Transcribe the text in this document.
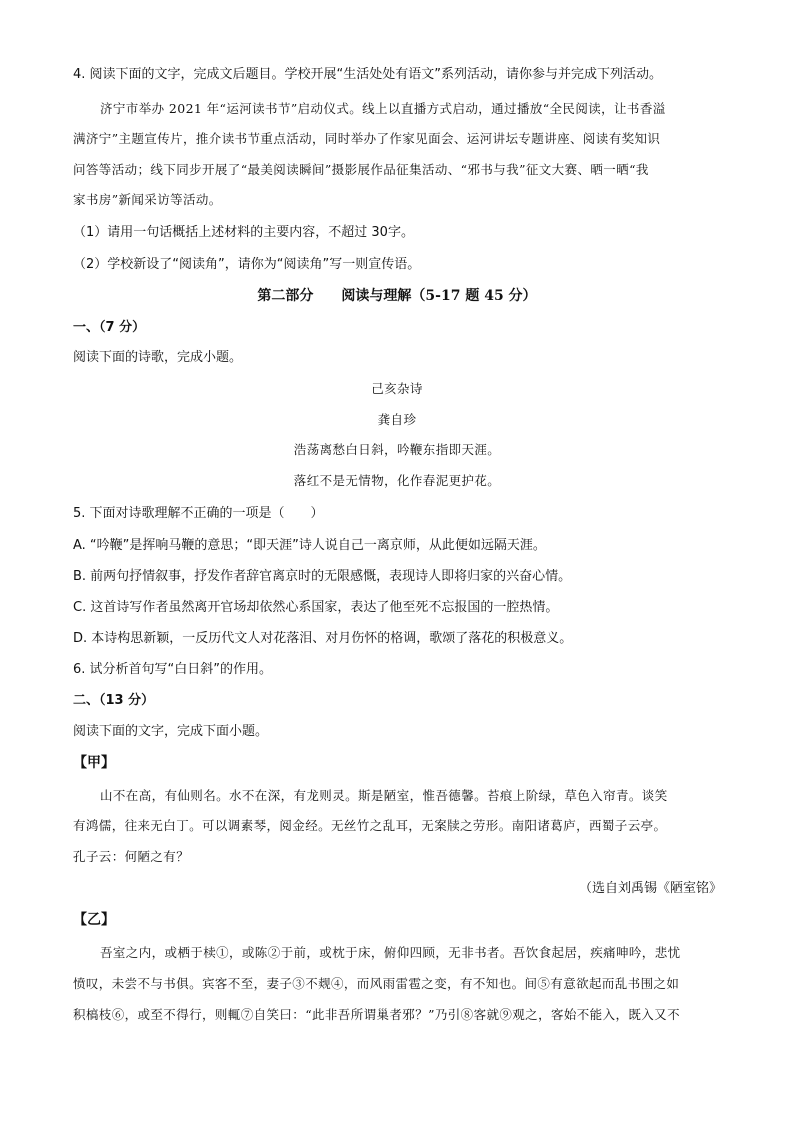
4. 阅读下面的文字，完成文后题目。学校开展“生活处处有语文”系列活动，请你参与并完成下列活动。
济宁市举办 2021 年“运河读书节”启动仪式。线上以直播方式启动，通过播放“全民阅读，让书香溢
满济宁”主题宣传片，推介读书节重点活动，同时举办了作家见面会、运河讲坛专题讲座、阅读有奖知识
问答等活动；线下同步开展了“最美阅读瞬间”摄影展作品征集活动、“邪书与我”征文大赛、晒一晒“我
家书房”新闻采访等活动。
（1）请用一句话概括上述材料的主要内容，不超过 30字。
（2）学校新设了“阅读角”，请你为“阅读角”写一则宣传语。
第二部分　　阅读与理解（5-17 题 45 分）
一、（7 分）
阅读下面的诗歌，完成小题。
己亥杂诗
龚自珍
浩荡离愁白日斜，吟鞭东指即天涯。
落红不是无情物，化作春泥更护花。
5. 下面对诗歌理解不正确的一项是（　　）
A. “吟鞭”是挥响马鞭的意思；“即天涯”诗人说自己一离京师，从此便如远隔天涯。
B. 前两句抒情叙事，抒发作者辞官离京时的无限感慨，表现诗人即将归家的兴奋心情。
C. 这首诗写作者虽然离开官场却依然心系国家，表达了他至死不忘报国的一腔热情。
D. 本诗构思新颖，一反历代文人对花落泪、对月伤怀的格调，歌颂了落花的积极意义。
6. 试分析首句写“白日斜”的作用。
二、（13 分）
阅读下面的文字，完成下面小题。
【甲】
山不在高，有仙则名。水不在深，有龙则灵。斯是陋室，惟吾德馨。苔痕上阶绿，草色入帘青。谈笑
有鸿儒，往来无白丁。可以调素琴，阅金经。无丝竹之乱耳，无案牍之劳形。南阳诸葛庐，西蜀子云亭。
孔子云：何陋之有？
（选自刘禹锡《陋室铭》
【乙】
吾室之内，或栖于椟①，或陈②于前，或枕于床，俯仰四顾，无非书者。吾饮食起居，疾痛呻吟，悲忧
愤叹，未尝不与书俱。宾客不至，妻子③不觌④，而风雨雷雹之变，有不知也。间⑤有意欲起而乱书围之如
积槁枝⑥，或至不得行，则輒⑦自笑曰：“此非吾所谓巢者邪？”乃引⑧客就⑨观之，客始不能入，既入又不
